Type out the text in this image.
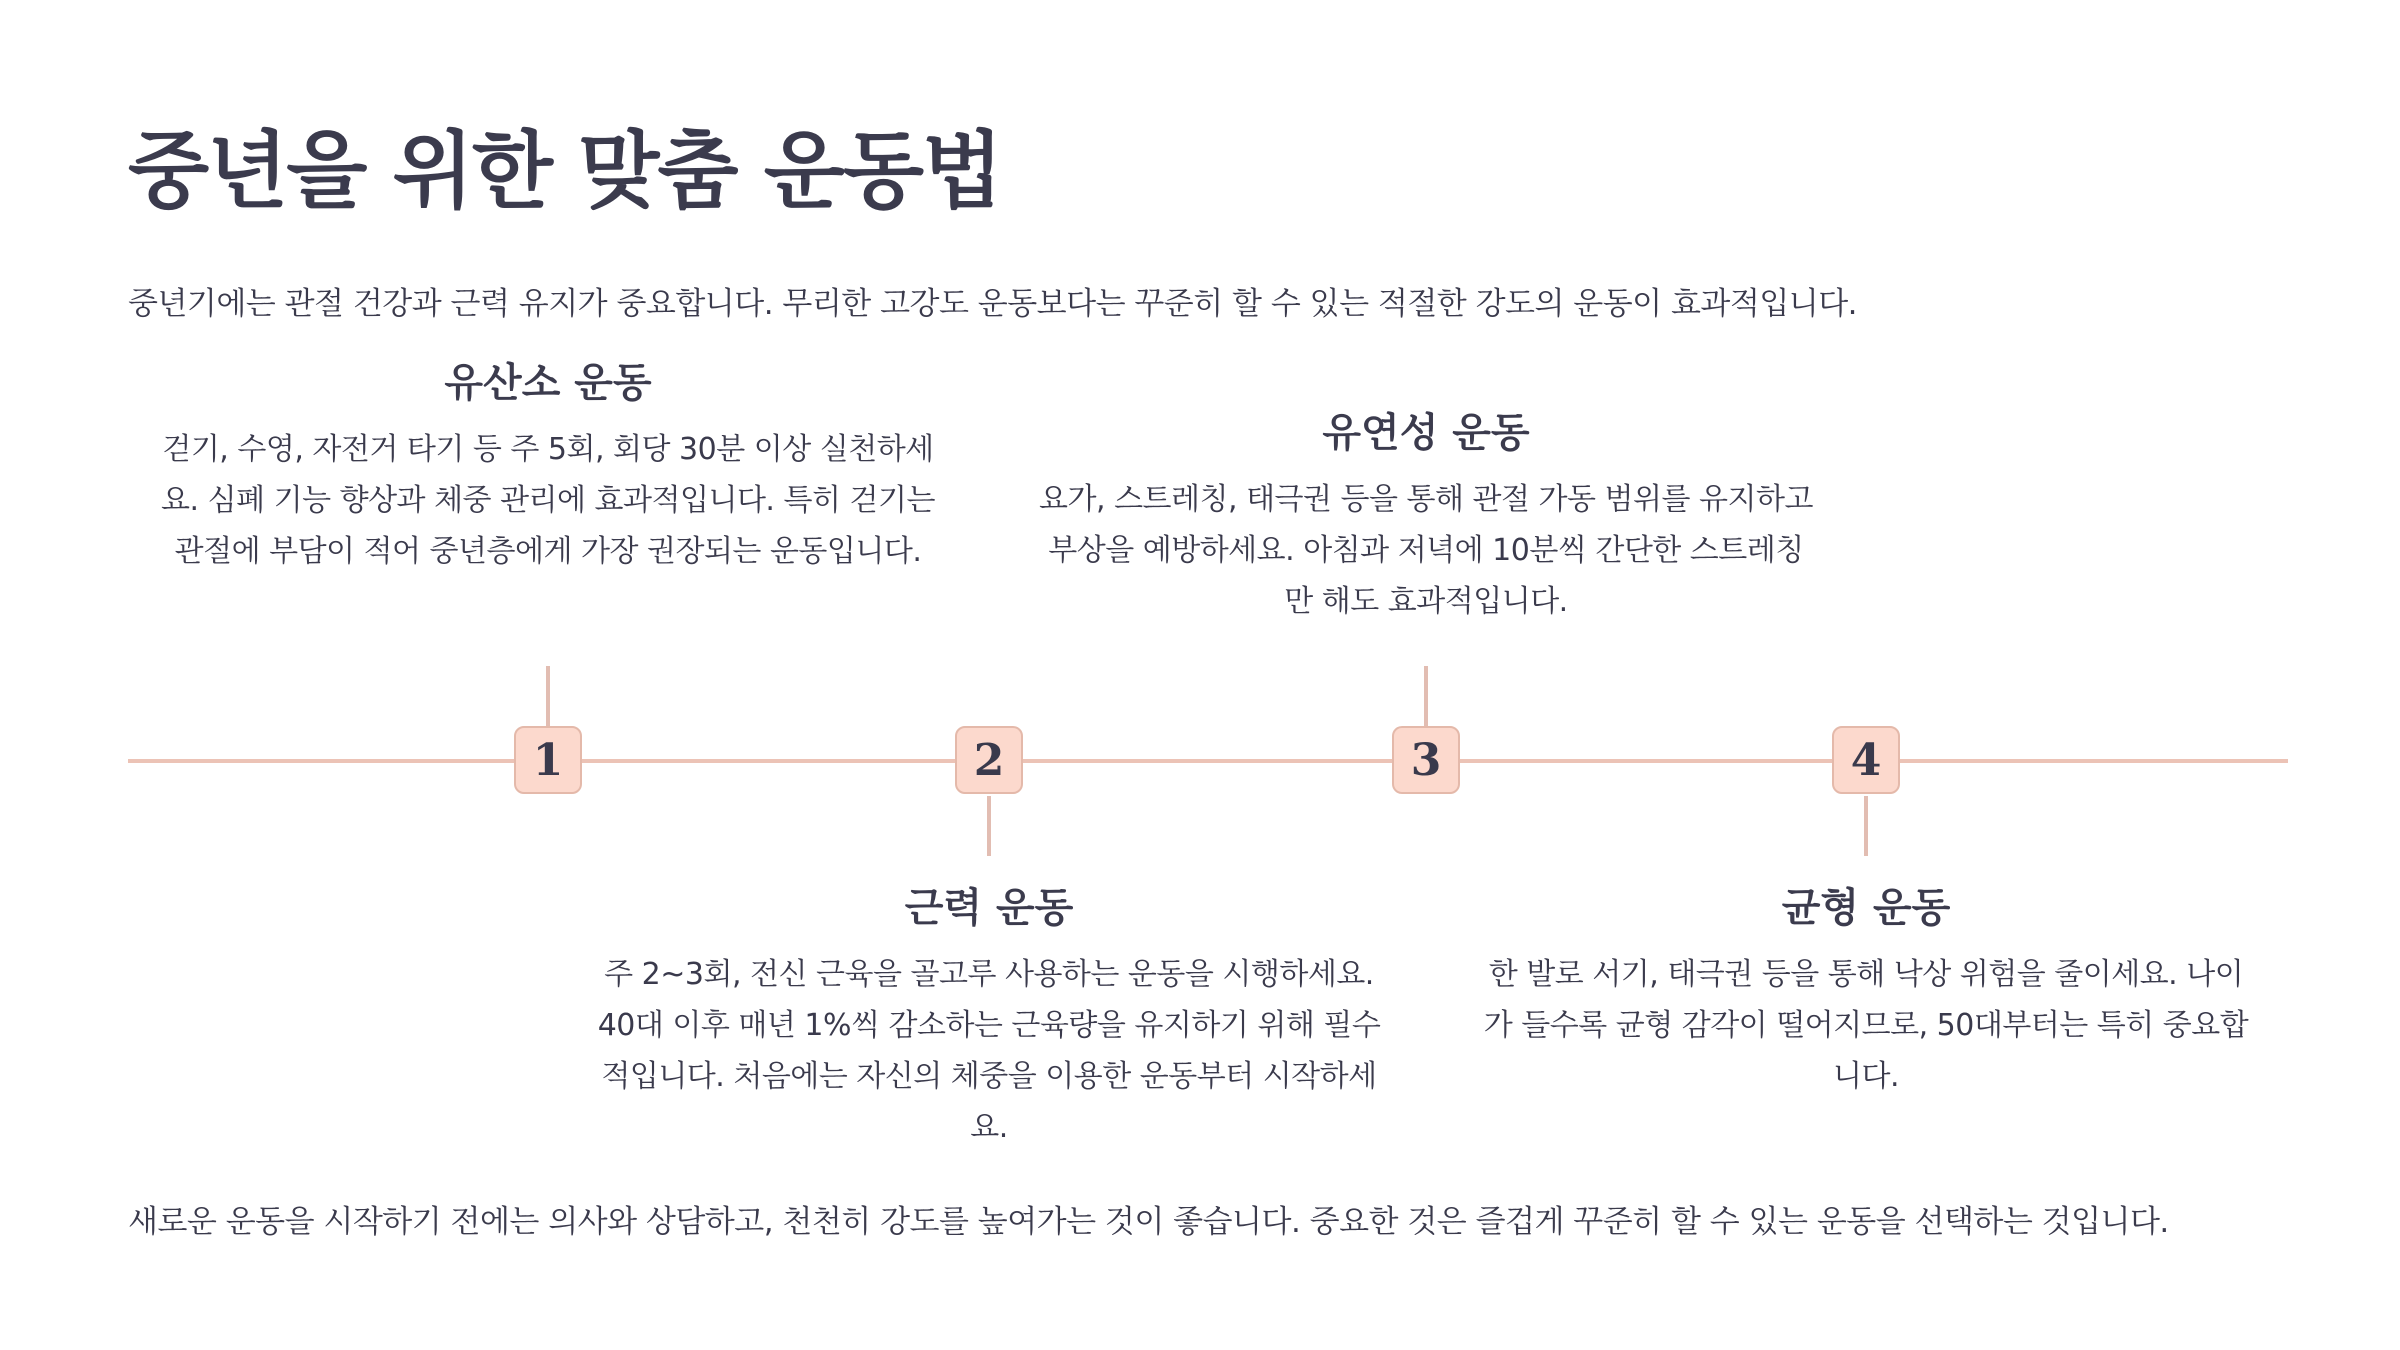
중년을 위한 맞춤 운동법

중년기에는 관절 건강과 근력 유지가 중요합니다. 무리한 고강도 운동보다는 꾸준히 할 수 있는 적절한 강도의 운동이 효과적입니다.

유산소 운동

걷기, 수영, 자전거 타기 등 주 5회, 회당 30분 이상 실천하세요. 심폐 기능 향상과 체중 관리에 효과적입니다. 특히 걷기는 관절에 부담이 적어 중년층에게 가장 권장되는 운동입니다.

1	2
근력 운동

주 2~3회, 전신 근육을 골고루 사용하는 운동을 시행하세요. 40대 이후 매년 1%씩 감소하는 근육량을 유지하기 위해 필수적입니다. 처음에는 자신의 체중을 이용한 운동부터 시작하세요.

유연성 운동

요가, 스트레칭, 태극권 등을 통해 관절 가동 범위를 유지하고 부상을 예방하세요. 아침과 저녁에 10분씩 간단한 스트레칭만 해도 효과적입니다.

3	4
균형 운동

한 발로 서기, 태극권 등을 통해 낙상 위험을 줄이세요. 나이가 들수록 균형 감각이 떨어지므로, 50대부터는 특히 중요합니다.

새로운 운동을 시작하기 전에는 의사와 상담하고, 천천히 강도를 높여가는 것이 좋습니다. 중요한 것은 즐겁게 꾸준히 할 수 있는 운동을 선택하는 것입니다.
